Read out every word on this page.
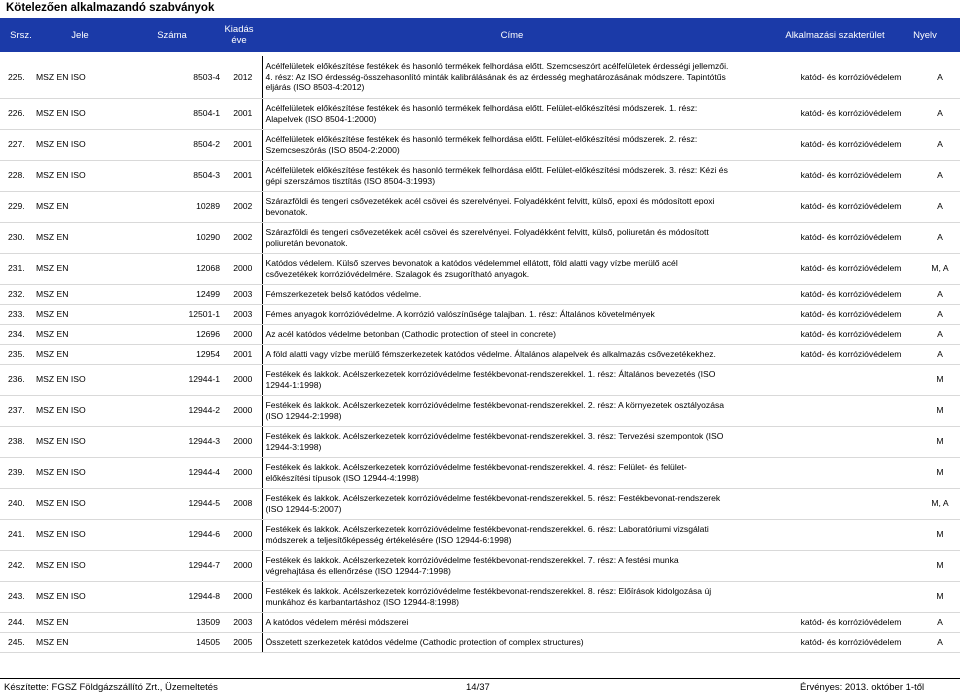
Kötelezően alkalmazandó szabványok
Srsz.	Jele	Száma
Kiadás
éve	Címe	Alkalmazási szakterület	Nyelv
225.	MSZ EN ISO	8503-4	2012	Acélfelületek előkészítése festékek és hasonló termékek felhordása előtt. Szemcseszórt acélfelületek érdességi jellemzői.
4. rész: Az ISO érdesség-összehasonlító minták kalibrálásának és az érdesség meghatározásának módszere. Tapintótűs
eljárás (ISO 8503-4:2012)	katód- és korrózióvédelem	A
226.	MSZ EN ISO	8504-1	2001	Acélfelületek előkészítése festékek és hasonló termékek felhordása előtt. Felület-előkészítési módszerek. 1. rész:
Alapelvek (ISO 8504-1:2000)	katód- és korrózióvédelem	A
227.	MSZ EN ISO	8504-2	2001	Acélfelületek előkészítése festékek és hasonló termékek felhordása előtt. Felület-előkészítési módszerek. 2. rész:
Szemcseszórás (ISO 8504-2:2000)	katód- és korrózióvédelem	A
228.	MSZ EN ISO	8504-3	2001	Acélfelületek előkészítése festékek és hasonló termékek felhordása előtt. Felület-előkészítési módszerek. 3. rész: Kézi és
gépi szerszámos tisztítás (ISO 8504-3:1993)	katód- és korrózióvédelem	A
229.	MSZ EN	10289	2002	Szárazföldi és tengeri csővezetékek acél csövei és szerelvényei. Folyadékként felvitt, külső, epoxi és módosított epoxi
bevonatok.	katód- és korrózióvédelem	A
230.	MSZ EN	10290	2002	Szárazföldi és tengeri csővezetékek acél csövei és szerelvényei. Folyadékként felvitt, külső, poliuretán és módosított
poliuretán bevonatok.	katód- és korrózióvédelem	A
231.	MSZ EN	12068	2000	Katódos védelem. Külső szerves bevonatok a katódos védelemmel ellátott, föld alatti vagy vízbe merülő acél
csővezetékek korrózióvédelmére. Szalagok és zsugorítható anyagok.	katód- és korrózióvédelem	M, A
232.	MSZ EN	12499	2003	Fémszerkezetek belső katódos védelme.	katód- és korrózióvédelem	A
233.	MSZ EN	12501-1	2003	Fémes anyagok korrózióvédelme. A korrózió valószínűsége talajban. 1. rész: Általános követelmények	katód- és korrózióvédelem	A
234.	MSZ EN	12696	2000	Az acél katódos védelme betonban (Cathodic protection of steel in concrete)	katód- és korrózióvédelem	A
235.	MSZ EN	12954	2001	A föld alatti vagy vízbe merülő fémszerkezetek katódos védelme. Általános alapelvek és alkalmazás csővezetékekhez.	katód- és korrózióvédelem	A
236.	MSZ EN ISO	12944-1	2000	Festékek és lakkok. Acélszerkezetek korrózióvédelme festékbevonat-rendszerekkel. 1. rész: Általános bevezetés (ISO
12944-1:1998)		M
237.	MSZ EN ISO	12944-2	2000	Festékek és lakkok. Acélszerkezetek korrózióvédelme festékbevonat-rendszerekkel. 2. rész: A környezetek osztályozása
(ISO 12944-2:1998)		M
238.	MSZ EN ISO	12944-3	2000	Festékek és lakkok. Acélszerkezetek korrózióvédelme festékbevonat-rendszerekkel. 3. rész: Tervezési szempontok (ISO
12944-3:1998)		M
239.	MSZ EN ISO	12944-4	2000	Festékek és lakkok. Acélszerkezetek korrózióvédelme festékbevonat-rendszerekkel. 4. rész: Felület- és felület-
előkészítési típusok (ISO 12944-4:1998)		M
240.	MSZ EN ISO	12944-5	2008	Festékek és lakkok. Acélszerkezetek korrózióvédelme festékbevonat-rendszerekkel. 5. rész: Festékbevonat-rendszerek
(ISO 12944-5:2007)		M, A
241.	MSZ EN ISO	12944-6	2000	Festékek és lakkok. Acélszerkezetek korrózióvédelme festékbevonat-rendszerekkel. 6. rész: Laboratóriumi vizsgálati
módszerek a teljesítőképesség értékelésére (ISO 12944-6:1998)		M
242.	MSZ EN ISO	12944-7	2000	Festékek és lakkok. Acélszerkezetek korrózióvédelme festékbevonat-rendszerekkel. 7. rész: A festési munka
végrehajtása és ellenőrzése (ISO 12944-7:1998)		M
243.	MSZ EN ISO	12944-8	2000	Festékek és lakkok. Acélszerkezetek korrózióvédelme festékbevonat-rendszerekkel. 8. rész: Előírások kidolgozása új
munkához és karbantartáshoz (ISO 12944-8:1998)		M
244.	MSZ EN	13509	2003	A katódos védelem mérési módszerei	katód- és korrózióvédelem	A
245.	MSZ EN	14505	2005	Összetett szerkezetek katódos védelme (Cathodic protection of complex structures)	katód- és korrózióvédelem	A
Készítette: FGSZ Földgázszállító Zrt., Üzemeltetés	14/37	Érvényes: 2013. október 1-től
